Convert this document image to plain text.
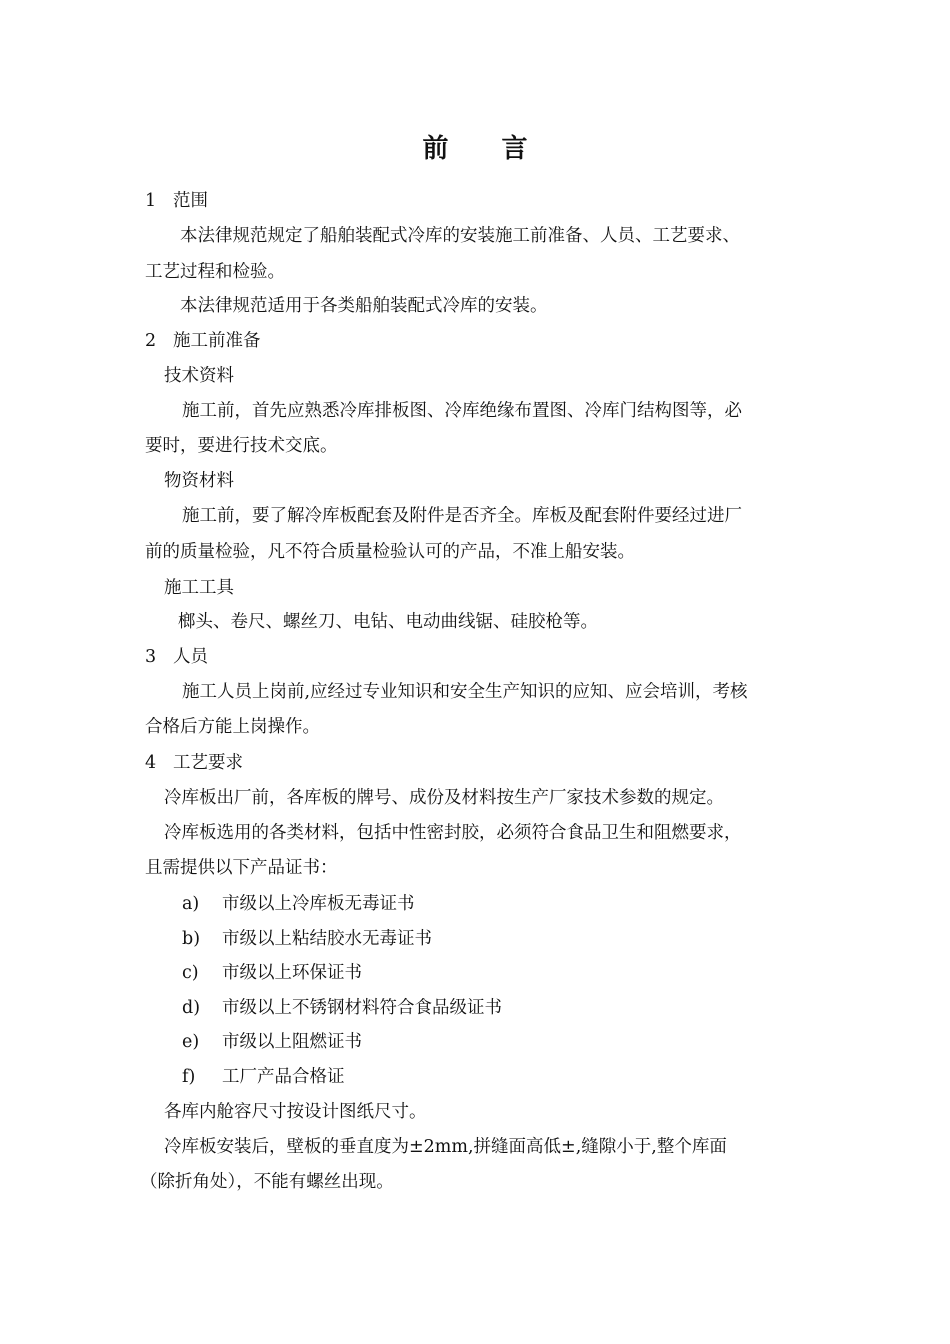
前 言
1 范围
本法律规范规定了船舶装配式冷库的安装施工前准备、人员、工艺要求、
工艺过程和检验。
本法律规范适用于各类船舶装配式冷库的安装。
2 施工前准备
技术资料
施工前，首先应熟悉冷库排板图、冷库绝缘布置图、冷库门结构图等，必
要时，要进行技术交底。
物资材料
施工前，要了解冷库板配套及附件是否齐全。库板及配套附件要经过进厂
前的质量检验，凡不符合质量检验认可的产品，不准上船安装。
施工工具
榔头、卷尺、螺丝刀、电钻、电动曲线锯、硅胶枪等。
3 人员
施工人员上岗前,应经过专业知识和安全生产知识的应知、应会培训，考核
合格后方能上岗操作。
4 工艺要求
冷库板出厂前，各库板的牌号、成份及材料按生产厂家技术参数的规定。
冷库板选用的各类材料，包括中性密封胶，必须符合食品卫生和阻燃要求，
且需提供以下产品证书：
a) 市级以上冷库板无毒证书
b) 市级以上粘结胶水无毒证书
c) 市级以上环保证书
d) 市级以上不锈钢材料符合食品级证书
e) 市级以上阻燃证书
f) 工厂产品合格证
各库内舱容尺寸按设计图纸尺寸。
冷库板安装后，壁板的垂直度为±2mm,拼缝面高低±,缝隙小于,整个库面
（除折角处），不能有螺丝出现。
